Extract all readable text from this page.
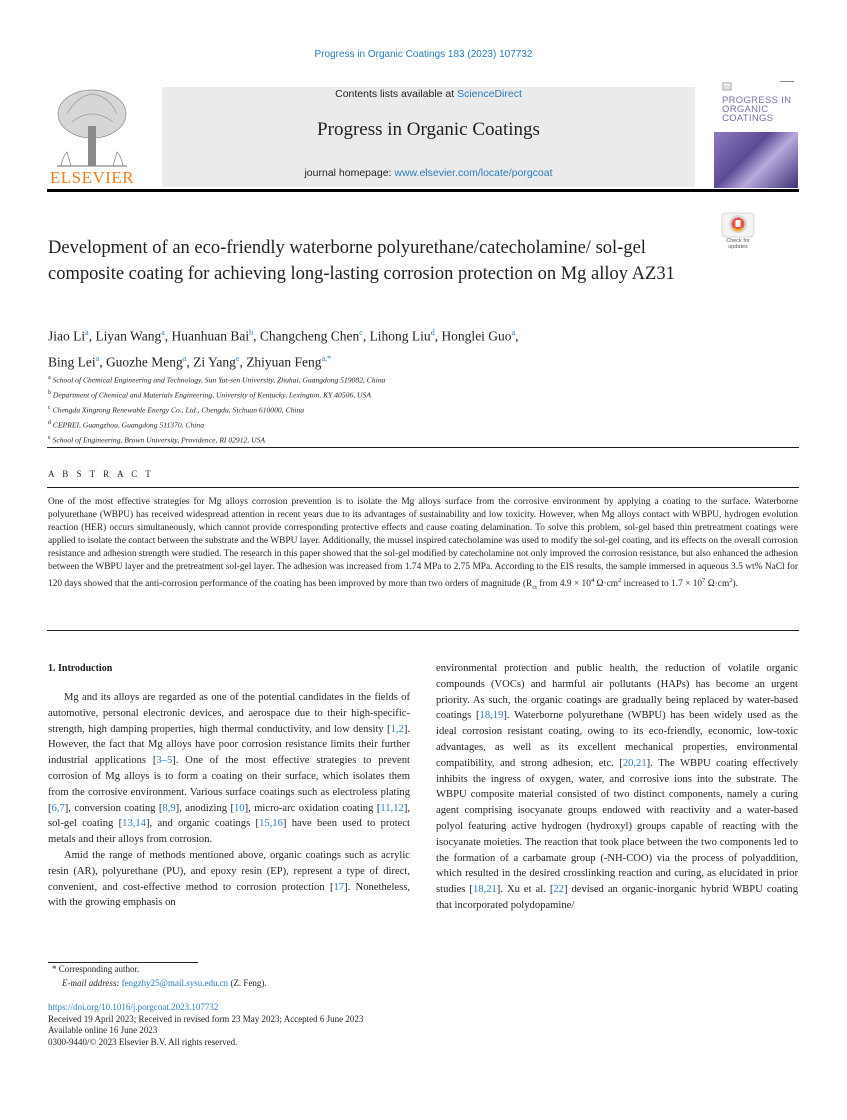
Progress in Organic Coatings 183 (2023) 107732
ELSEVIER
Contents lists available at ScienceDirect
Progress in Organic Coatings
journal homepage: www.elsevier.com/locate/porgcoat
PROGRESS IN
ORGANIC
COATINGS
Check for updates
Development of an eco-friendly waterborne polyurethane/catecholamine/ sol-gel composite coating for achieving long-lasting corrosion protection on Mg alloy AZ31
Jiao Li$^a$, Liyan Wang$^a$, Huanhuan Bai$^b$, Changcheng Chen$^c$, Lihong Liu$^d$, Honglei Guo$^a$,
Bing Lei$^a$, Guozhe Meng$^a$, Zi Yang$^e$, Zhiyuan Feng$^{a,*}$
$^a$ School of Chemical Engineering and Technology, Sun Yat-sen University, Zhuhai, Guangdong 519082, China
$^b$ Department of Chemical and Materials Engineering, University of Kentucky, Lexington, KY 40506, USA
$^c$ Chengdu Xingrong Renewable Energy Co., Ltd., Chengdu, Sichuan 610000, China
$^d$ CEPREI, Guangzhou, Guangdong 511370, China
$^e$ School of Engineering, Brown University, Providence, RI 02912, USA
A B S T R A C T
One of the most effective strategies for Mg alloys corrosion prevention is to isolate the Mg alloys surface from the corrosive environment by applying a coating to the surface. Waterborne polyurethane (WBPU) has received widespread attention in recent years due to its advantages of sustainability and low toxicity. However, when Mg alloys contact with WBPU, hydrogen evolution reaction (HER) occurs simultaneously, which cannot provide corresponding protective effects and cause coating delamination. To solve this problem, sol-gel based thin pretreatment coatings were applied to isolate the contact between the substrate and the WBPU layer. Additionally, the mussel inspired catecholamine was used to modify the sol-gel coating, and its effects on the overall corrosion resistance and adhesion strength were studied. The research in this paper showed that the sol-gel modified by catecholamine not only improved the corrosion resistance, but also enhanced the adhesion between the WBPU layer and the pretreatment sol-gel layer. The adhesion was increased from 1.74 MPa to 2.75 MPa. According to the EIS results, the sample immersed in aqueous 3.5 wt% NaCl for 120 days showed that the anti-corrosion performance of the coating has been improved by more than two orders of magnitude ($R_{ct}$ from $4.9 \times 10^4$ $\Omega\cdot cm^2$ increased to $1.7 \times 10^7$ $\Omega\cdot cm^2$).
1. Introduction

Mg and its alloys are regarded as one of the potential candidates in the fields of automotive, personal electronic devices, and aerospace due to their high-specific-strength, high damping properties, high thermal conductivity, and low density [1,2]. However, the fact that Mg alloys have poor corrosion resistance limits their further industrial applications [3–5]. One of the most effective strategies to prevent corrosion of Mg alloys is to form a coating on their surface, which isolates them from the corrosive environment. Various surface coatings such as electroless plating [6,7], conversion coating [8,9], anodizing [10], micro-arc oxidation coating [11,12], sol-gel coating [13,14], and organic coatings [15,16] have been used to protect metals and their alloys from corrosion.

Amid the range of methods mentioned above, organic coatings such as acrylic resin (AR), polyurethane (PU), and epoxy resin (EP), represent a type of direct, convenient, and cost-effective method to corrosion protection [17]. Nonetheless, with the growing emphasis on

environmental protection and public health, the reduction of volatile organic compounds (VOCs) and harmful air pollutants (HAPs) has become an urgent priority. As such, the organic coatings are gradually being replaced by water-based coatings [18,19]. Waterborne polyurethane (WBPU) has been widely used as the ideal corrosion resistant coating, owing to its eco-friendly, economic, low-toxic advantages, as well as its excellent mechanical properties, environmental compatibility, and strong adhesion, etc. [20,21]. The WBPU coating effectively inhibits the ingress of oxygen, water, and corrosive ions into the substrate. The WBPU composite material consisted of two distinct components, namely a curing agent comprising isocyanate groups endowed with reactivity and a water-based polyol featuring active hydrogen (hydroxyl) groups capable of reacting with the isocyanate moieties. The reaction that took place between the two components led to the formation of a carbamate group (-NH-COO) via the process of polyaddition, which resulted in the desired crosslinking reaction and curing, as elucidated in prior studies [18,21]. Xu et al. [22] devised an organic-inorganic hybrid WBPU coating that incorporated polydopamine/

* Corresponding author.
E-mail address: fengzhy25@mail.sysu.edu.cn (Z. Feng).
https://doi.org/10.1016/j.porgcoat.2023.107732
Received 19 April 2023; Received in revised form 23 May 2023; Accepted 6 June 2023
Available online 16 June 2023
0300-9440/© 2023 Elsevier B.V. All rights reserved.
